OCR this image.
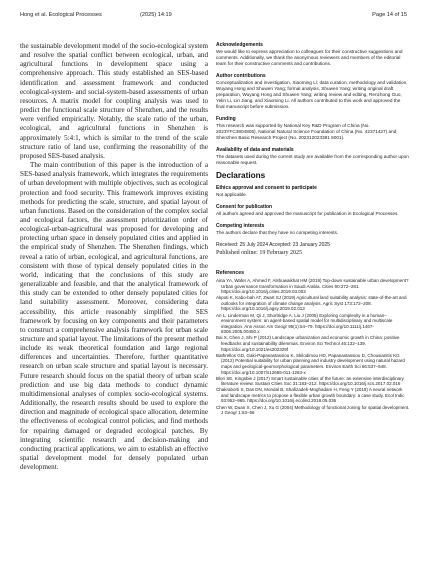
Hong et al. Ecological Processes	(2025) 14:19	Page 14 of 15

the sustainable development model of the socio-ecological system and resolve the spatial conflict between ecological, urban, and agricultural functions in development space using a comprehensive approach. This study established an SES-based identification and assessment framework and conducted ecological-system- and social-system-based assessments of urban resources. A matrix model for coupling analysis was used to predict the functional scale structure of Shenzhen, and the results were verified empirically. Notably, the scale ratio of the urban, ecological, and agricultural functions in Shenzhen is approximately 5:4:1, which is similar to the trend of the scale structure ratio of land use, confirming the reasonability of the proposed SES-based analysis.

The main contribution of this paper is the introduction of a SES-based analysis framework, which integrates the requirements of urban development with multiple objectives, such as ecological protection and food security. This framework improves existing methods for predicting the scale, structure, and spatial layout of urban functions. Based on the consideration of the complex social and ecological factors, the assessment prioritization order of ecological-urban-agricultural was proposed for developing and protecting urban space in densely populated cities and applied in the empirical study of Shenzhen. The Shenzhen findings, which reveal a ratio of urban, ecological, and agricultural functions, are consistent with those of typical densely populated cities in the world, indicating that the conclusions of this study are generalizable and feasible, and that the analytical framework of this study can be extended to other densely populated cities for land suitability assessment. Moreover, considering data accessibility, this article reasonably simplified the SES framework by focusing on key components and their parameters to construct a comprehensive analysis framework for urban scale structure and spatial layout. The limitations of the present method include its weak theoretical foundation and large regional differences and uncertainties. Therefore, further quantitative research on urban scale structure and spatial layout is necessary. Future research should focus on the spatial theory of urban scale prediction and use big data methods to conduct dynamic multidimensional analyses of complex socio-ecological systems. Additionally, the research results should be used to explore the direction and magnitude of ecological space allocation, determine the effectiveness of ecological control policies, and find methods for repairing damaged or degraded ecological patches. By integrating scientific research and decision-making and conducting practical applications, we aim to establish an effective spatial development model for densely populated urban development.

Acknowledgements
We would like to express appreciation to colleagues for their constructive suggestions and comments. Additionally, we thank the anonymous reviewers and members of the editorial team for their constructive comments and contributions.
Author contributions
Conceptualization and investigation, Xiaoming Li; data curation, methodology and validation, Wuyang Hong and Shuwen Yang; formal analysis, Shuwen Yang; writing original draft preparation, Wuyang Hong and Shuwen Yang; writing review and editing, Renzhong Guo, Yelin Li, Lin Jiang, and Xiaoming Li. All authors contributed to this work and approved the final manuscript before submission.
Funding
This research was supported by National Key R&D Program of China (No. 2023YFC3804805), National Natural Science Foundation of China (No. 42371427) and Shenzhen Basic Research Project (No. 202312023381 5001).
Availability of data and materials
The datasets used during the current study are available from the corresponding author upon reasonable request.
Declarations
Ethics approval and consent to participate
Not applicable.
Consent for publication
All authors agreed and approved the manuscript for publication in Ecological Processes.
Competing interests
The authors declare that they have no competing interests.
Received: 25 July 2024 Accepted: 23 January 2025
Published online: 19 February 2025
References
Aina YA, Wafer A, Ahmed F, Alshuwaikhat HM (2019) Top-down sustainable urban development? Urban governance transformation in Saudi Arabia. Cities 90:272–281. https://doi.org/10.1016/j.cities.2019.03.003
Akpoti K, Kabo-bah AT, Zwart SJ (2019) Agricultural land suitability analysis: state-of-the-art and outlooks for integration of climate change analysis. Agric Syst 173:172–208. https://doi.org/10.1016/j.agsy.2019.02.013
An L, Linderman M, Qi J, Shortridge A, Liu J (2005) Exploring complexity in a human–environment system: an agent-based spatial model for multidisciplinary and multiscale integration. Ann Assoc Am Geogr 95(1):54–79. https://doi.org/10.1111/j.1467-8306.2005.00450.x
Bai X, Chen J, Shi P (2012) Landscape urbanization and economic growth in China: positive feedbacks and sustainability dilemmas. Environ Sci Technol 46:132–139. https://doi.org/10.1021/es202329f
Bathrellos GD, Gaki-Papanastassiou K, Skilodimou HD, Papanastassiou D, Chousianitis KG (2012) Potential suitability for urban planning and industry development using natural hazard maps and geological-geomorphological parameters. Environ Earth Sci 66:537–548. https://doi.org/10.1007/s12665-011-1263-x
Blori SE, Kingsbie J (2017) Smart sustainable cities of the future: an extensive interdisciplinary literature review. Sustain Cities Soc 31:183–212. https://doi.org/10.1016/j.scs.2017.02.016
Chakraborti S, Das DN, Mondal B, Shafizadeh-Moghadam H, Feng Y (2018) A neural network and landscape metrics to propose a flexible urban growth boundary: a case study. Ecol Indic 93:952–965. https://doi.org/10.1016/j.ecolind.2018.05.036
Chen W, Duan X, Chen J, Xu G (2004) Methodology of functional zoning for spatial development. J Geogr 1:53–58
